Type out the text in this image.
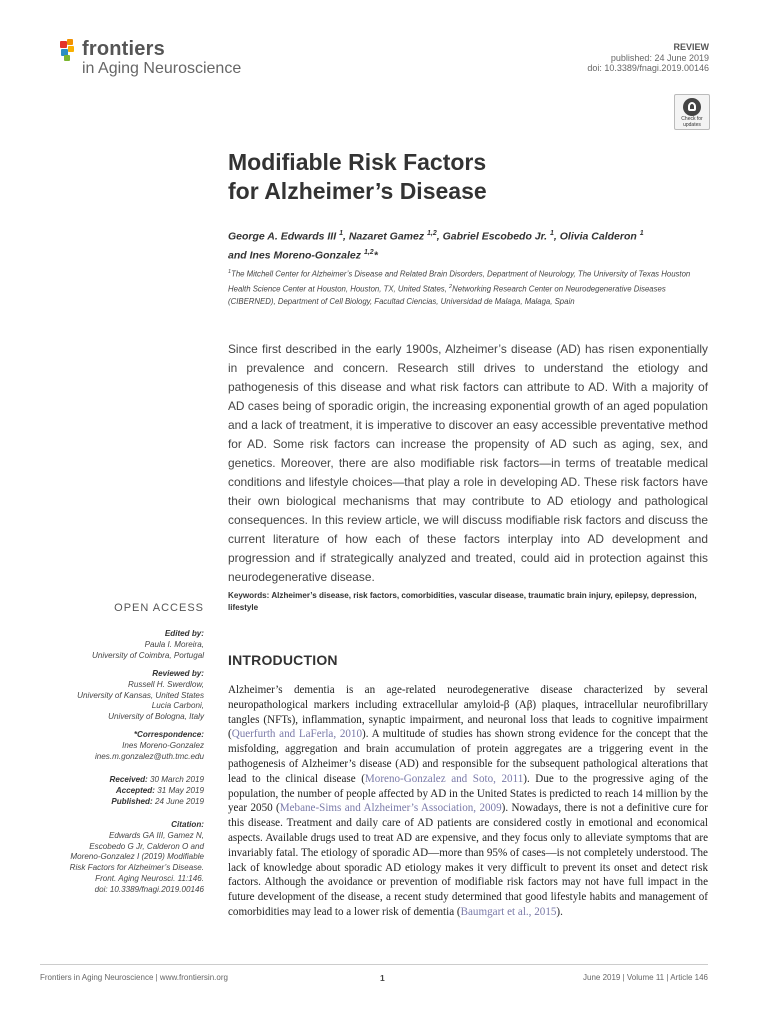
frontiers
in Aging Neuroscience
REVIEW
published: 24 June 2019
doi: 10.3389/fnagi.2019.00146
Check for
updates
Modifiable Risk Factors
for Alzheimer’s Disease
George A. Edwards III $^1$, Nazaret Gamez $^{1,2}$, Gabriel Escobedo Jr. $^1$, Olivia Calderon $^1$
and Ines Moreno-Gonzalez $^{1,2}$*
$^1$The Mitchell Center for Alzheimer’s Disease and Related Brain Disorders, Department of Neurology, The University of Texas Houston Health Science Center at Houston, Houston, TX, United States, $^2$Networking Research Center on Neurodegenerative Diseases (CIBERNED), Department of Cell Biology, Facultad Ciencias, Universidad de Malaga, Malaga, Spain
Since first described in the early 1900s, Alzheimer’s disease (AD) has risen exponentially in prevalence and concern. Research still drives to understand the etiology and pathogenesis of this disease and what risk factors can attribute to AD. With a majority of AD cases being of sporadic origin, the increasing exponential growth of an aged population and a lack of treatment, it is imperative to discover an easy accessible preventative method for AD. Some risk factors can increase the propensity of AD such as aging, sex, and genetics. Moreover, there are also modifiable risk factors—in terms of treatable medical conditions and lifestyle choices—that play a role in developing AD. These risk factors have their own biological mechanisms that may contribute to AD etiology and pathological consequences. In this review article, we will discuss modifiable risk factors and discuss the current literature of how each of these factors interplay into AD development and progression and if strategically analyzed and treated, could aid in protection against this neurodegenerative disease.
Keywords: Alzheimer’s disease, risk factors, comorbidities, vascular disease, traumatic brain injury, epilepsy, depression, lifestyle
OPEN ACCESS
Edited by:
Paula I. Moreira,
University of Coimbra, Portugal
Reviewed by:
Russell H. Swerdlow,
University of Kansas, United States
Lucia Carboni,
University of Bologna, Italy
*Correspondence:
Ines Moreno-Gonzalez
ines.m.gonzalez@uth.tmc.edu
Received: 30 March 2019
Accepted: 31 May 2019
Published: 24 June 2019
Citation:
Edwards GA III, Gamez N,
Escobedo G Jr, Calderon O and
Moreno-Gonzalez I (2019) Modifiable
Risk Factors for Alzheimer’s Disease.
Front. Aging Neurosci. 11:146.
doi: 10.3389/fnagi.2019.00146
INTRODUCTION
Alzheimer’s dementia is an age-related neurodegenerative disease characterized by several neuropathological markers including extracellular amyloid-β (Aβ) plaques, intracellular neurofibrillary tangles (NFTs), inflammation, synaptic impairment, and neuronal loss that leads to cognitive impairment (Querfurth and LaFerla, 2010). A multitude of studies has shown strong evidence for the concept that the misfolding, aggregation and brain accumulation of protein aggregates are a triggering event in the pathogenesis of Alzheimer’s disease (AD) and responsible for the subsequent pathological alterations that lead to the clinical disease (Moreno-Gonzalez and Soto, 2011). Due to the progressive aging of the population, the number of people affected by AD in the United States is predicted to reach 14 million by the year 2050 (Mebane-Sims and Alzheimer’s Association, 2009). Nowadays, there is not a definitive cure for this disease. Treatment and daily care of AD patients are considered costly in emotional and economical aspects. Available drugs used to treat AD are expensive, and they focus only to alleviate symptoms that are invariably fatal. The etiology of sporadic AD—more than 95% of cases—is not completely understood. The lack of knowledge about sporadic AD etiology makes it very difficult to prevent its onset and detect risk factors. Although the avoidance or prevention of modifiable risk factors may not have full impact in the future development of the disease, a recent study determined that good lifestyle habits and management of comorbidities may lead to a lower risk of dementia (Baumgart et al., 2015).
Frontiers in Aging Neuroscience | www.frontiersin.org	1	June 2019 | Volume 11 | Article 146
